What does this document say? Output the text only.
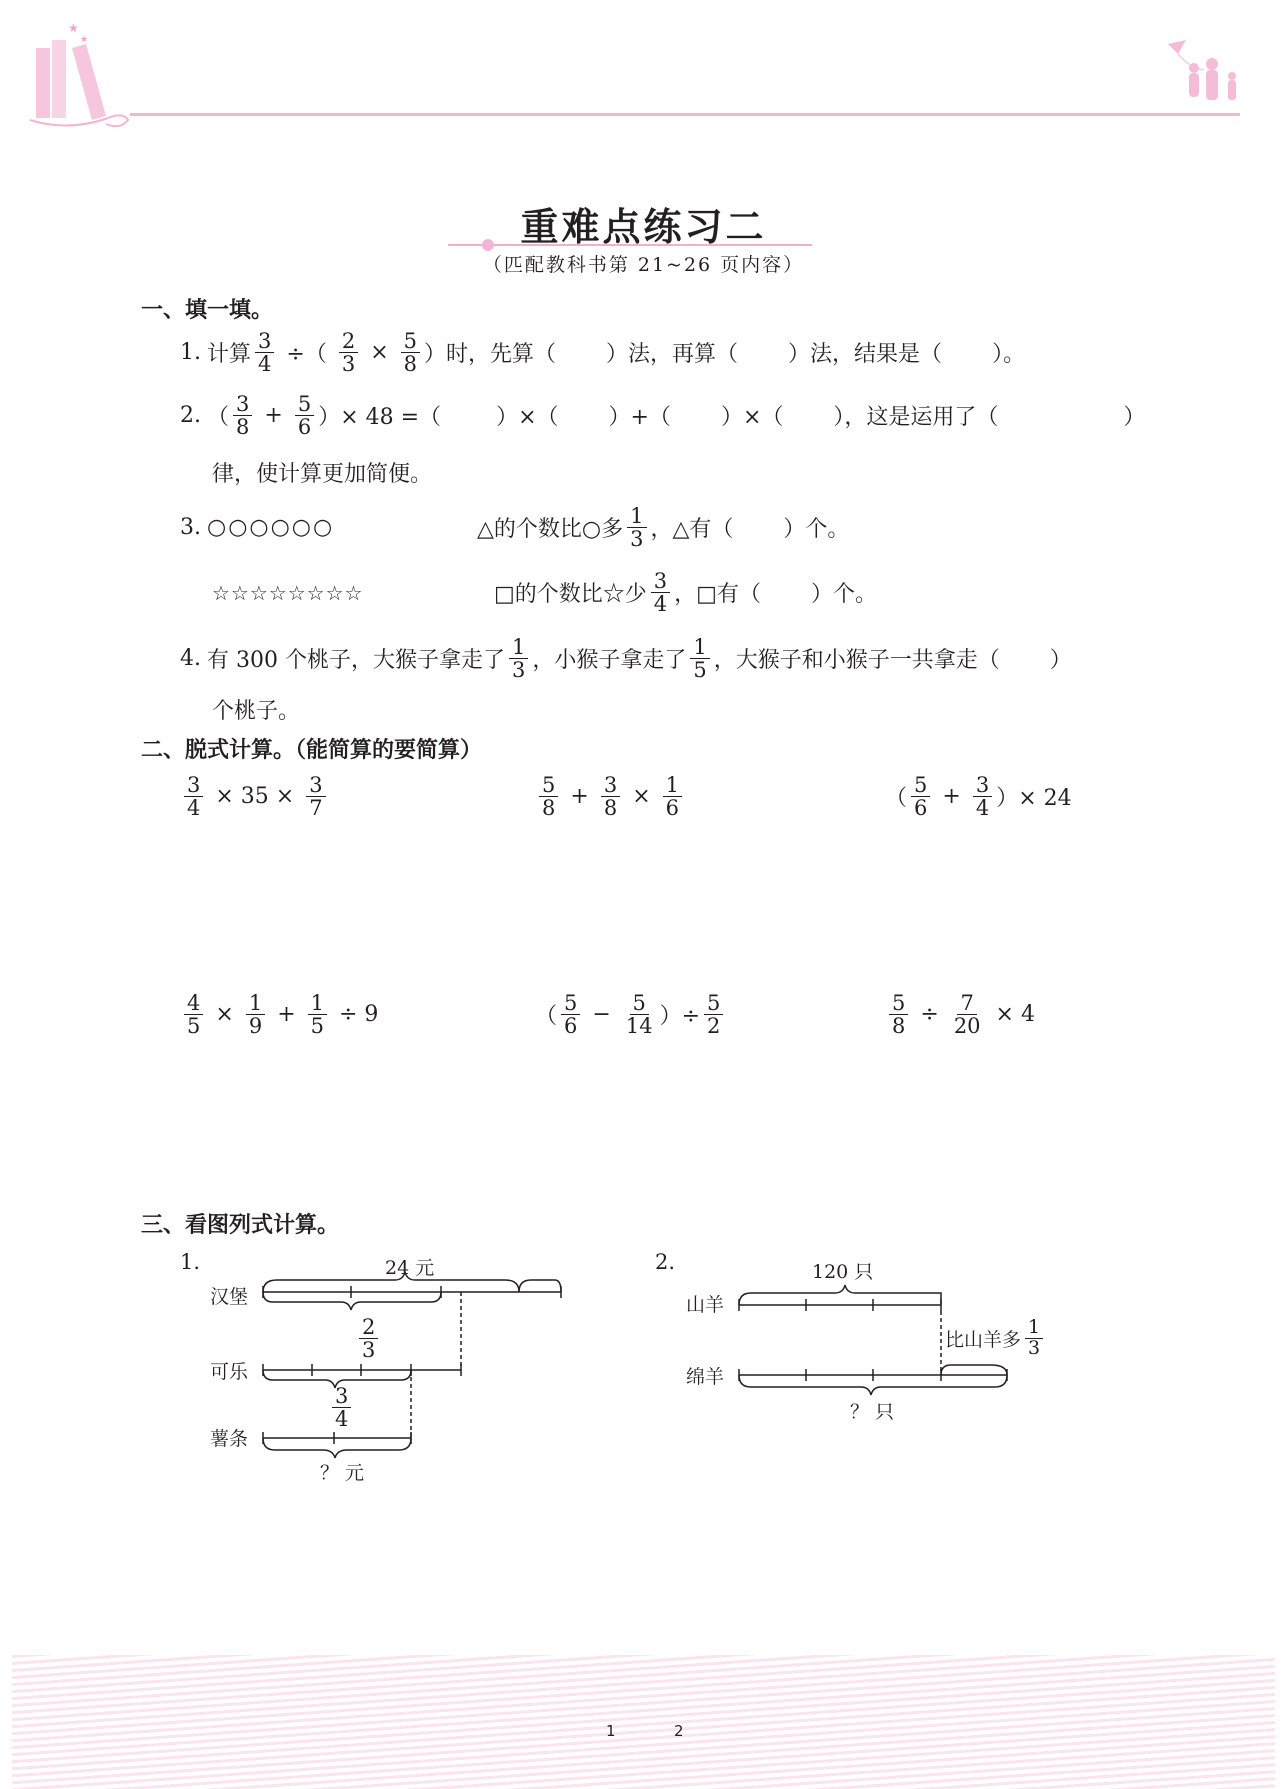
★
★
重难点练习二
（匹配教科书第 21~26 页内容）
一、填一填。
1. 计算 $\frac{3}{4}$ ÷（ $\frac{2}{3} \times \frac{5}{8}$ ）时，先算（ ）法，再算（ ）法，结果是（ ）。
2. （ $\frac{3}{8} + \frac{5}{6}$ ）× 48 =（	）×（ ）+（ ）×（ ），这是运用了（	）
律，使计算更加简便。
3. ○○○○○○	△的个数比○多 $\frac{1}{3}$ ，△有（ ）个。
☆☆☆☆☆☆☆☆	□的个数比☆少 $\frac{3}{4}$ ，□有（ ）个。
4. 有 300 个桃子，大猴子拿走了 $\frac{1}{3}$ ，小猴子拿走了 $\frac{1}{5}$ ，大猴子和小猴子一共拿走（ ）
个桃子。
二、脱式计算。（能简算的要简算）
$\frac{3}{4} \times 35 \times \frac{3}{7}$	$\frac{5}{8} + \frac{3}{8} \times \frac{1}{6}$	（ $\frac{5}{6} + \frac{3}{4}$ ）× 24
$\frac{4}{5} \times \frac{1}{9} + \frac{1}{5} \div 9$	（ $\frac{5}{6} - \frac{5}{14}$ ）÷ $\frac{5}{2}$	$\frac{5}{8} \div \frac{7}{20} \times 4$
三、看图列式计算。
1.	24 元
汉堡
可乐
薯条
？ 元
$\frac{2}{3}$
$\frac{3}{4}$
2.	120 只
山羊
绵羊
比山羊多 $\frac{1}{3}$
？ 只
1	2
